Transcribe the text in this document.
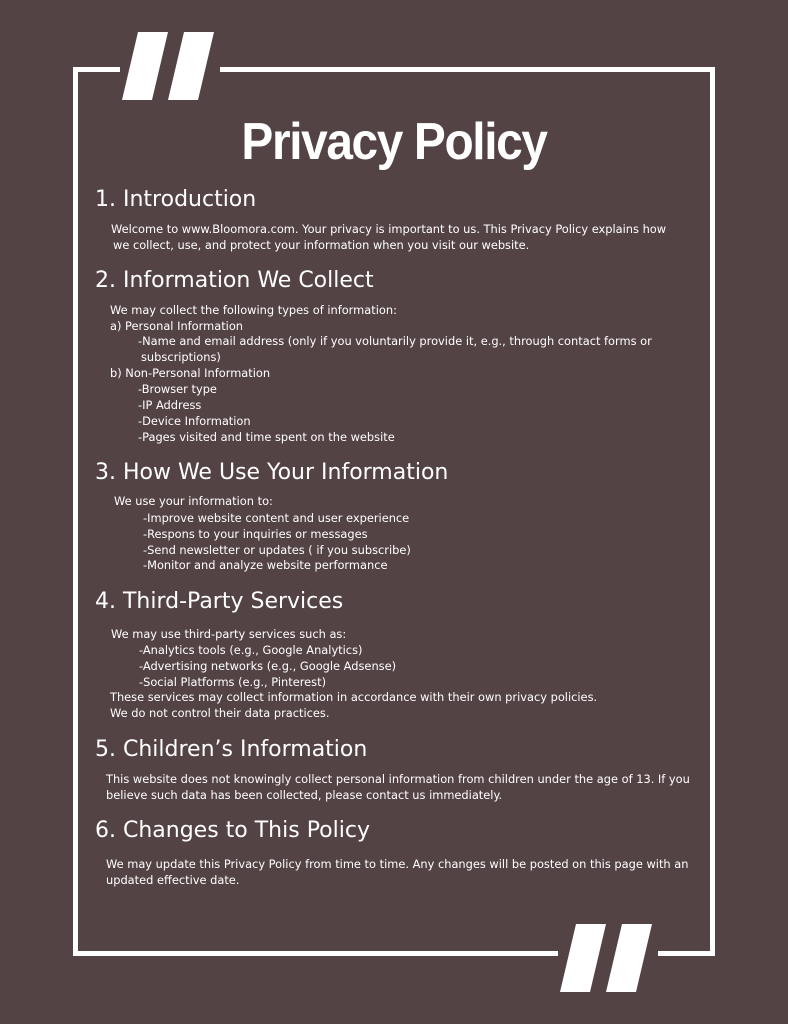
Privacy Policy
1. Introduction

Welcome to www.Bloomora.com. Your privacy is important to us. This Privacy Policy explains how

we collect, use, and protect your information when you visit our website.

2. Information We Collect

We may collect the following types of information:

a) Personal Information

-Name and email address (only if you voluntarily provide it, e.g., through contact forms or

subscriptions)

b) Non-Personal Information

-Browser type

-IP Address

-Device Information

-Pages visited and time spent on the website

3. How We Use Your Information

We use your information to:

-Improve website content and user experience

-Respons to your inquiries or messages

-Send newsletter or updates ( if you subscribe)

-Monitor and analyze website performance

4. Third-Party Services

We may use third-party services such as:

-Analytics tools (e.g., Google Analytics)

-Advertising networks (e.g., Google Adsense)

-Social Platforms (e.g., Pinterest)

These services may collect information in accordance with their own privacy policies.

We do not control their data practices.

5. Children’s Information

This website does not knowingly collect personal information from children under the age of 13. If you

believe such data has been collected, please contact us immediately.

6. Changes to This Policy

We may update this Privacy Policy from time to time. Any changes will be posted on this page with an

updated effective date.
